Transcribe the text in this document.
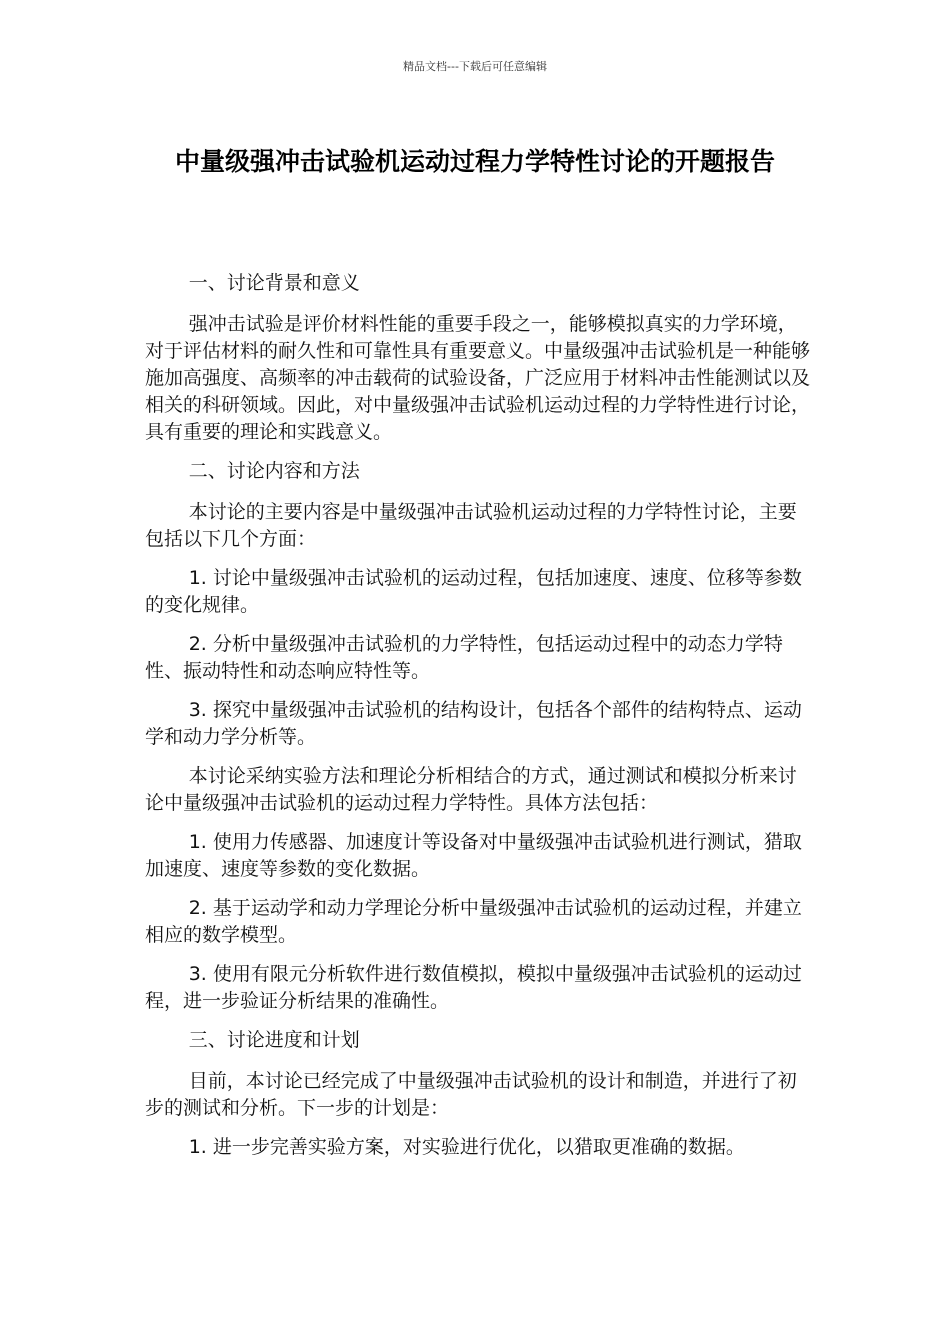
精品文档---下载后可任意编辑
中量级强冲击试验机运动过程力学特性讨论的开题报告

一、讨论背景和意义

强冲击试验是评价材料性能的重要手段之一，能够模拟真实的力学环境，对于评估材料的耐久性和可靠性具有重要意义。中量级强冲击试验机是一种能够施加高强度、高频率的冲击载荷的试验设备，广泛应用于材料冲击性能测试以及相关的科研领域。因此，对中量级强冲击试验机运动过程的力学特性进行讨论，具有重要的理论和实践意义。

二、讨论内容和方法

本讨论的主要内容是中量级强冲击试验机运动过程的力学特性讨论，主要包括以下几个方面：

1. 讨论中量级强冲击试验机的运动过程，包括加速度、速度、位移等参数的变化规律。

2. 分析中量级强冲击试验机的力学特性，包括运动过程中的动态力学特性、振动特性和动态响应特性等。

3. 探究中量级强冲击试验机的结构设计，包括各个部件的结构特点、运动学和动力学分析等。

本讨论采纳实验方法和理论分析相结合的方式，通过测试和模拟分析来讨论中量级强冲击试验机的运动过程力学特性。具体方法包括：

1. 使用力传感器、加速度计等设备对中量级强冲击试验机进行测试，猎取加速度、速度等参数的变化数据。

2. 基于运动学和动力学理论分析中量级强冲击试验机的运动过程，并建立相应的数学模型。

3. 使用有限元分析软件进行数值模拟，模拟中量级强冲击试验机的运动过程，进一步验证分析结果的准确性。

三、讨论进度和计划

目前，本讨论已经完成了中量级强冲击试验机的设计和制造，并进行了初步的测试和分析。下一步的计划是：

1. 进一步完善实验方案，对实验进行优化，以猎取更准确的数据。
